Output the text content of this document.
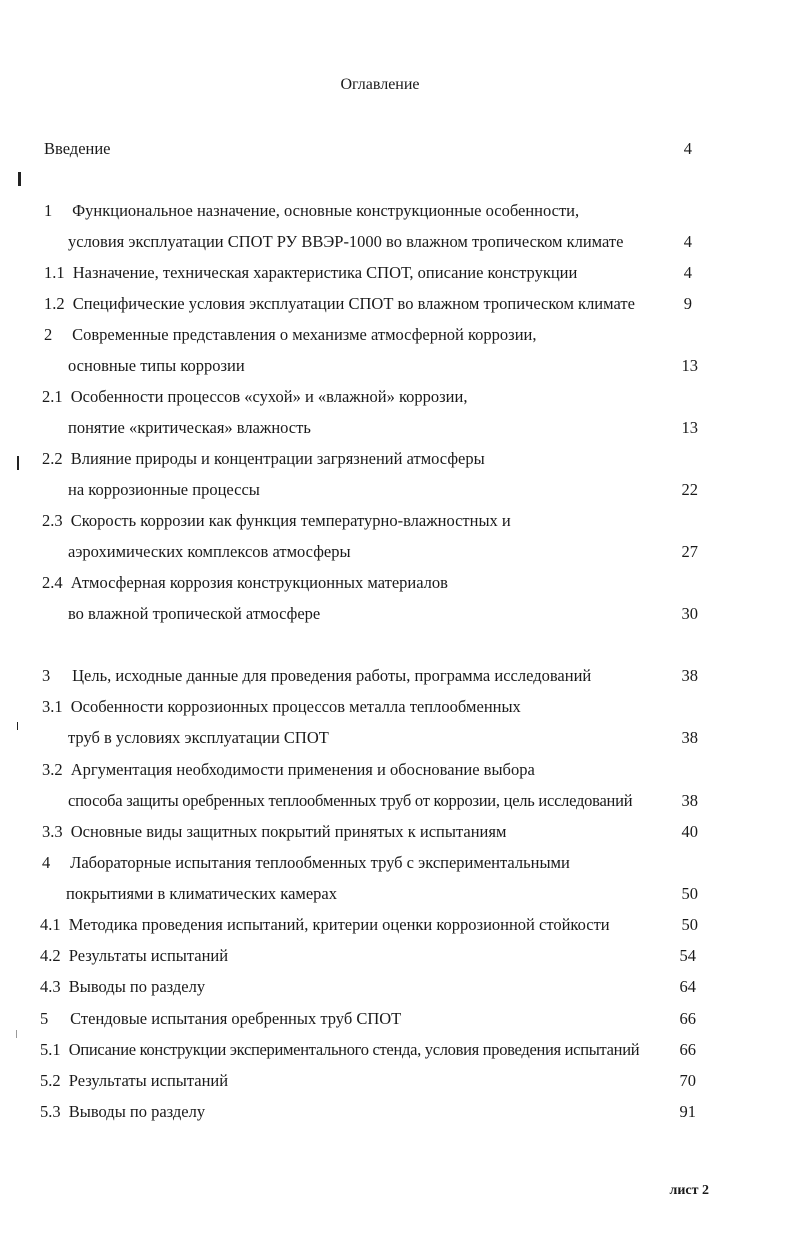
Оглавление
Введение	4
1 Функциональное назначение, основные конструкционные особенности,
условия эксплуатации СПОТ РУ ВВЭР-1000 во влажном тропическом климате	4
1.1 Назначение, техническая характеристика СПОТ, описание конструкции	4
1.2 Специфические условия эксплуатации СПОТ во влажном тропическом климате	9
2 Современные представления о механизме атмосферной коррозии,
основные типы коррозии	13
2.1 Особенности процессов «сухой» и «влажной» коррозии,
понятие «критическая» влажность	13
2.2 Влияние природы и концентрации загрязнений атмосферы
на коррозионные процессы	22
2.3 Скорость коррозии как функция температурно-влажностных и
аэрохимических комплексов атмосферы	27
2.4 Атмосферная коррозия конструкционных материалов
во влажной тропической атмосфере	30
3 Цель, исходные данные для проведения работы, программа исследований	38
3.1 Особенности коррозионных процессов металла теплообменных
труб в условиях эксплуатации СПОТ	38
3.2 Аргументация необходимости применения и обоснование выбора
способа защиты оребренных теплообменных труб от коррозии, цель исследований	38
3.3 Основные виды защитных покрытий принятых к испытаниям	40
4 Лабораторные испытания теплообменных труб с экспериментальными
покрытиями в климатических камерах	50
4.1 Методика проведения испытаний, критерии оценки коррозионной стойкости	50
4.2 Результаты испытаний	54
4.3 Выводы по разделу	64
5 Стендовые испытания оребренных труб СПОТ	66
5.1 Описание конструкции экспериментального стенда, условия проведения испытаний	66
5.2 Результаты испытаний	70
5.3 Выводы по разделу	91
лист 2
